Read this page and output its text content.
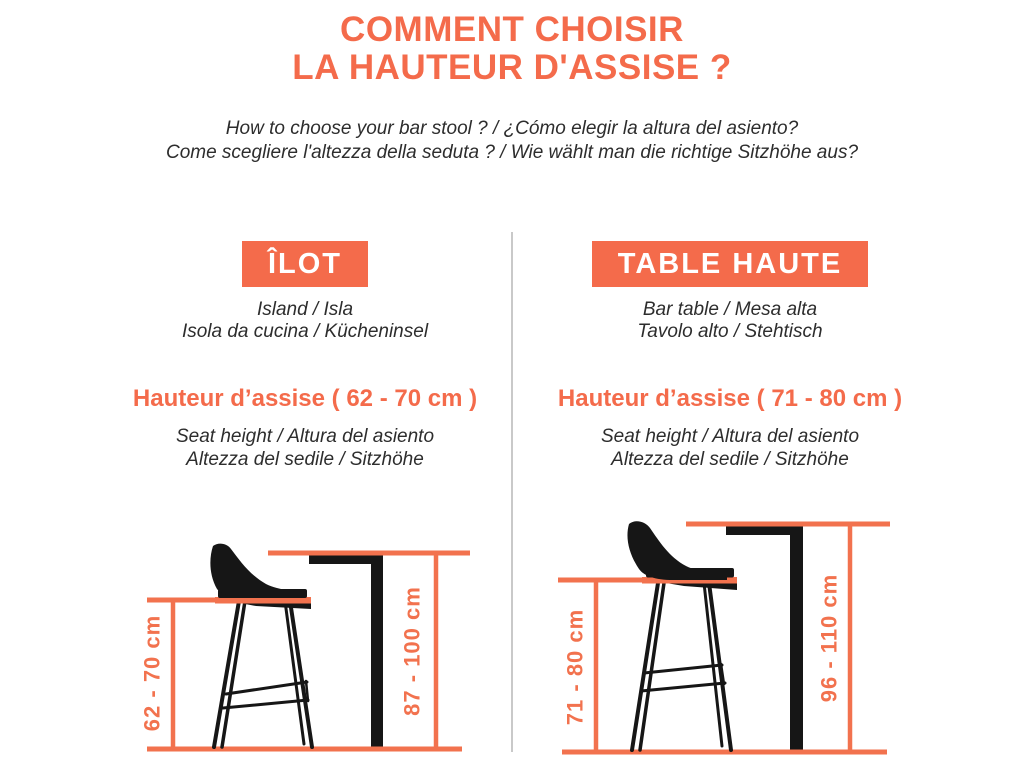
COMMENT CHOISIR
LA HAUTEUR D'ASSISE ?
How to choose your bar stool ? / ¿Cómo elegir la altura del asiento?
Come scegliere l'altezza della seduta ? / Wie wählt man die richtige Sitzhöhe aus?
ÎLOT

Island / Isla
Isola da cucina / Kücheninsel

Hauteur d’assise ( 62 - 70 cm )

Seat height / Altura del asiento
Altezza del sedile / Sitzhöhe

TABLE HAUTE

Bar table / Mesa alta
Tavolo alto / Stehtisch

Hauteur d’assise ( 71 - 80 cm )

Seat height / Altura del asiento
Altezza del sedile / Sitzhöhe

87 - 100 cm
62 - 70 cm	96 - 110 cm
71 - 80 cm
